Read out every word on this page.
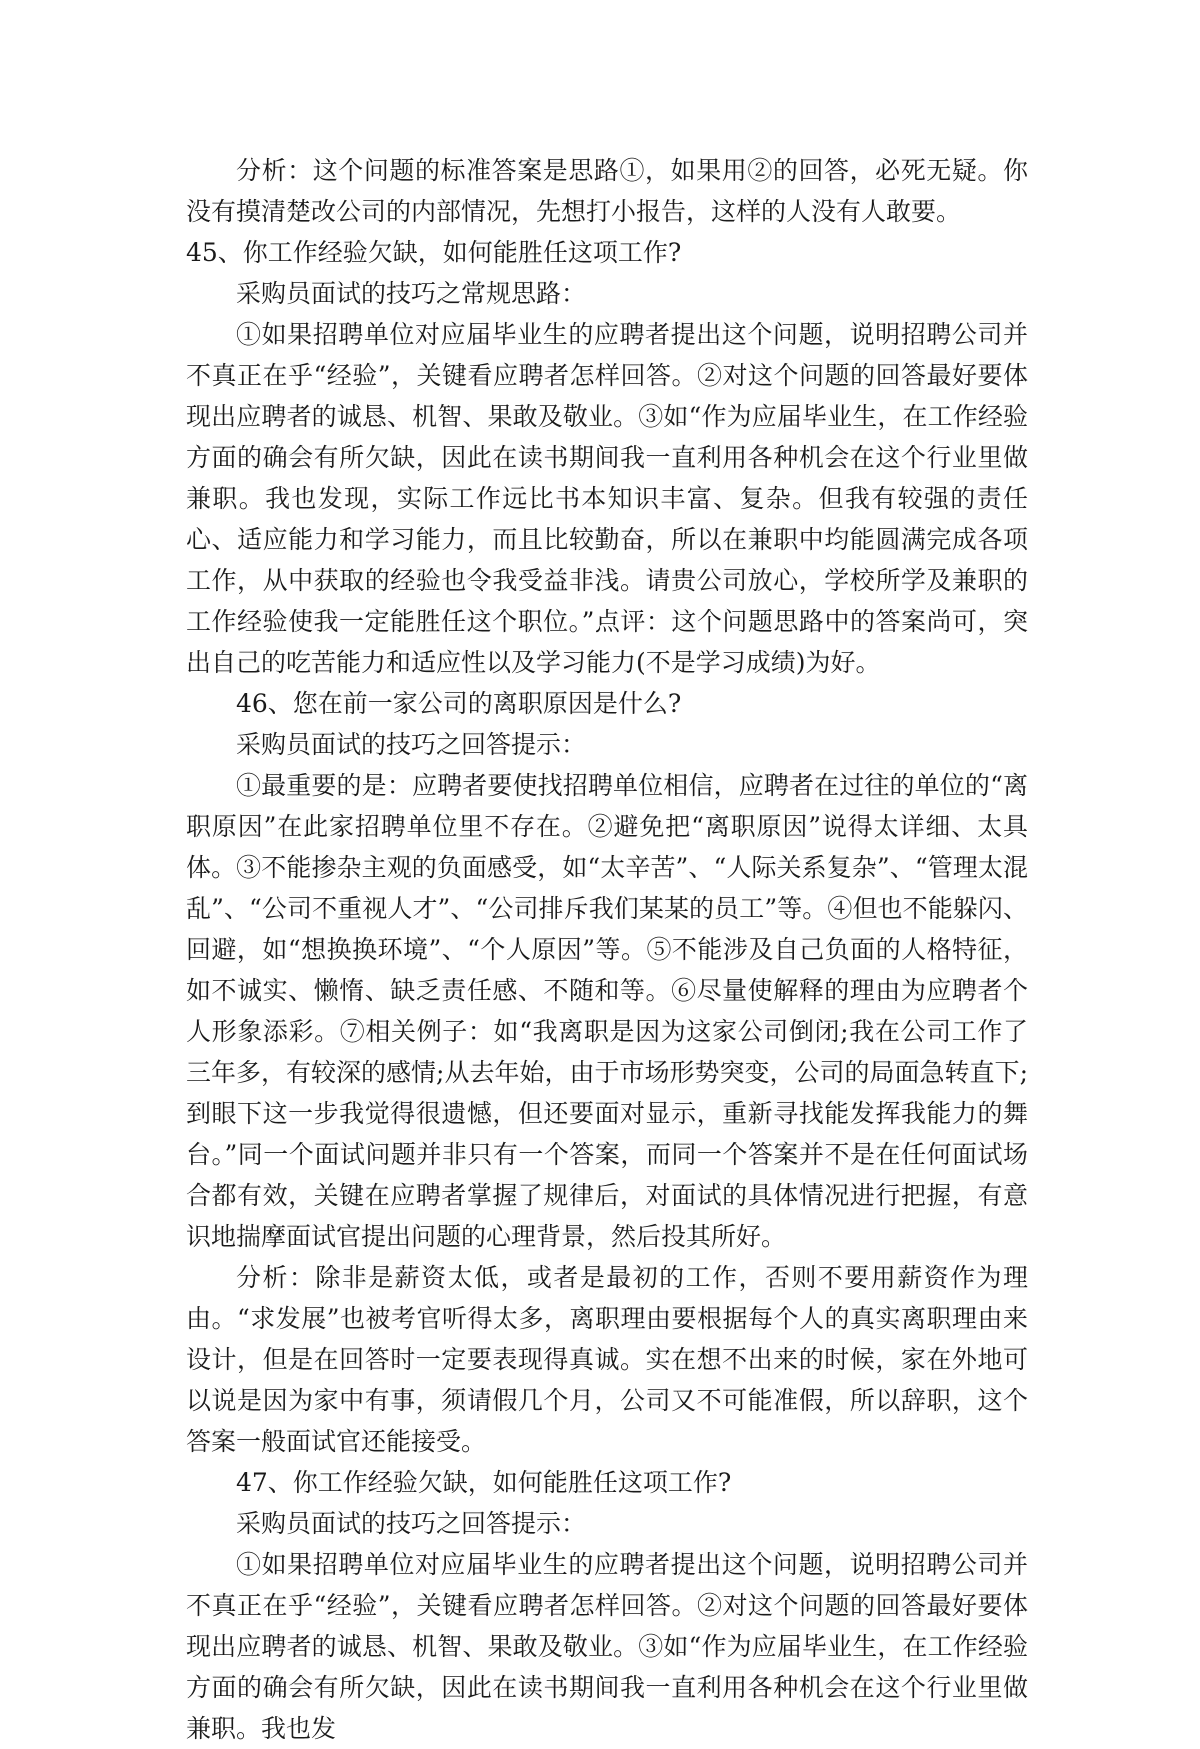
分析：这个问题的标准答案是思路①，如果用②的回答，必死无疑。你没有摸清楚改公司的内部情况，先想打小报告，这样的人没有人敢要。

45、你工作经验欠缺，如何能胜任这项工作?

采购员面试的技巧之常规思路：

①如果招聘单位对应届毕业生的应聘者提出这个问题，说明招聘公司并不真正在乎“经验”，关键看应聘者怎样回答。②对这个问题的回答最好要体现出应聘者的诚恳、机智、果敢及敬业。③如“作为应届毕业生，在工作经验方面的确会有所欠缺，因此在读书期间我一直利用各种机会在这个行业里做兼职。我也发现，实际工作远比书本知识丰富、复杂。但我有较强的责任心、适应能力和学习能力，而且比较勤奋，所以在兼职中均能圆满完成各项工作，从中获取的经验也令我受益非浅。请贵公司放心，学校所学及兼职的工作经验使我一定能胜任这个职位。”点评：这个问题思路中的答案尚可，突出自己的吃苦能力和适应性以及学习能力(不是学习成绩)为好。

46、您在前一家公司的离职原因是什么?

采购员面试的技巧之回答提示：

①最重要的是：应聘者要使找招聘单位相信，应聘者在过往的单位的“离职原因”在此家招聘单位里不存在。②避免把“离职原因”说得太详细、太具体。③不能掺杂主观的负面感受，如“太辛苦”、“人际关系复杂”、“管理太混乱”、“公司不重视人才”、“公司排斥我们某某的员工”等。④但也不能躲闪、回避，如“想换换环境”、“个人原因”等。⑤不能涉及自己负面的人格特征，如不诚实、懒惰、缺乏责任感、不随和等。⑥尽量使解释的理由为应聘者个人形象添彩。⑦相关例子：如“我离职是因为这家公司倒闭;我在公司工作了三年多，有较深的感情;从去年始，由于市场形势突变，公司的局面急转直下;到眼下这一步我觉得很遗憾，但还要面对显示，重新寻找能发挥我能力的舞台。”同一个面试问题并非只有一个答案，而同一个答案并不是在任何面试场合都有效，关键在应聘者掌握了规律后，对面试的具体情况进行把握，有意识地揣摩面试官提出问题的心理背景，然后投其所好。

分析：除非是薪资太低，或者是最初的工作，否则不要用薪资作为理由。“求发展”也被考官听得太多，离职理由要根据每个人的真实离职理由来设计，但是在回答时一定要表现得真诚。实在想不出来的时候，家在外地可以说是因为家中有事，须请假几个月，公司又不可能准假，所以辞职，这个答案一般面试官还能接受。

47、你工作经验欠缺，如何能胜任这项工作?

采购员面试的技巧之回答提示：

①如果招聘单位对应届毕业生的应聘者提出这个问题，说明招聘公司并不真正在乎“经验”，关键看应聘者怎样回答。②对这个问题的回答最好要体现出应聘者的诚恳、机智、果敢及敬业。③如“作为应届毕业生，在工作经验方面的确会有所欠缺，因此在读书期间我一直利用各种机会在这个行业里做兼职。我也发
